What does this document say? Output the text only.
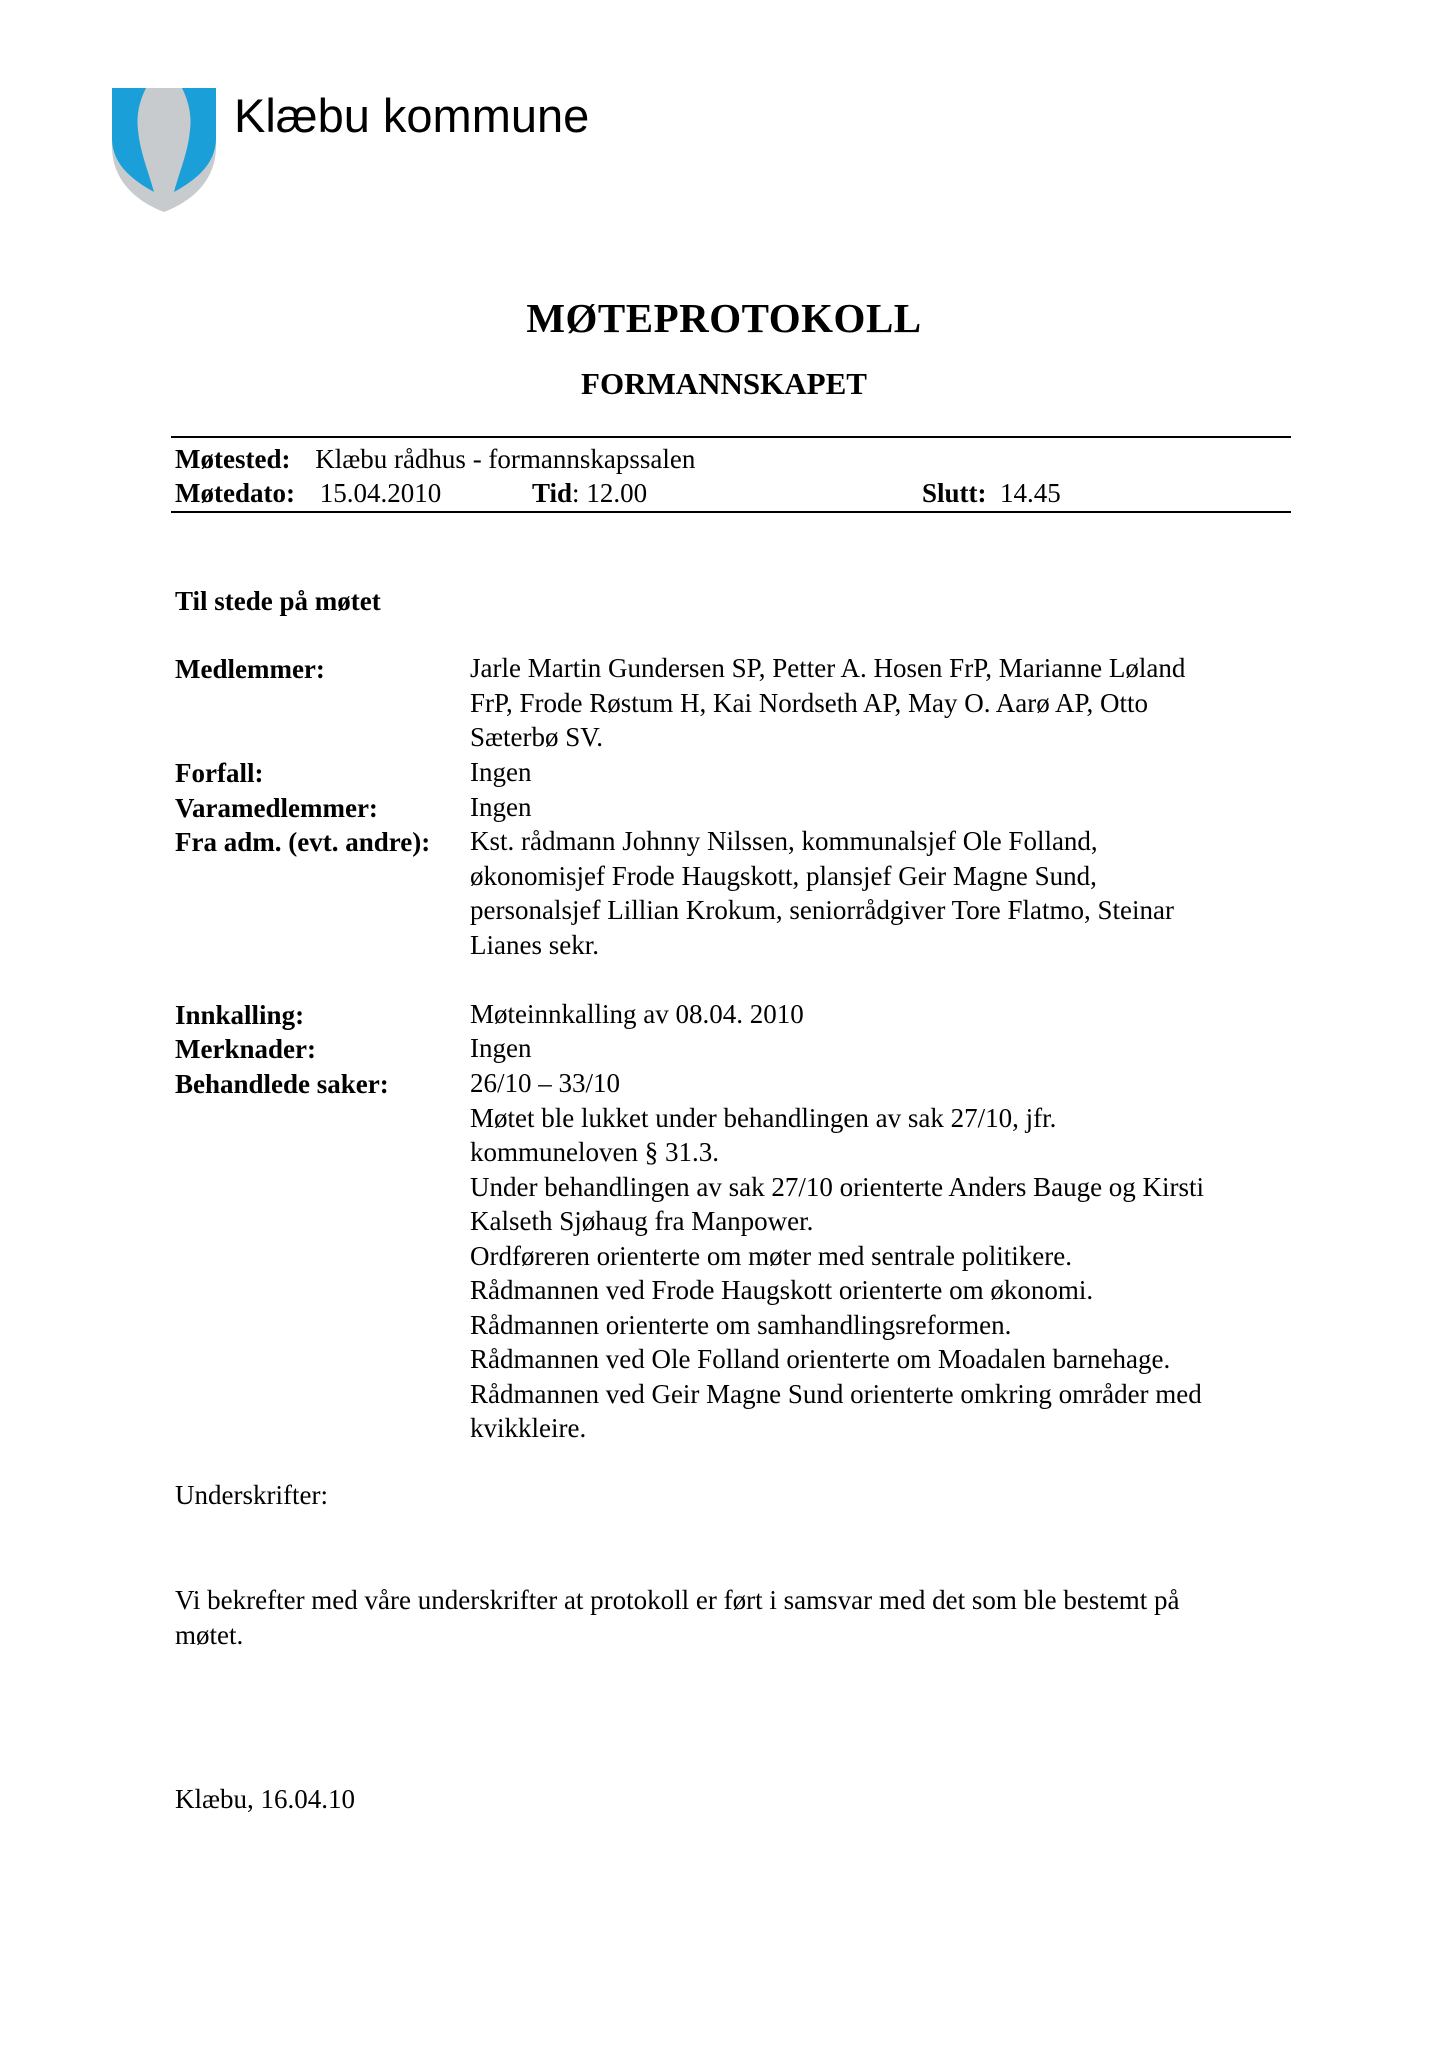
Klæbu kommune
MØTEPROTOKOLL
FORMANNSKAPET
Møtested: Klæbu rådhus - formannskapssalen
Møtedato: 15.04.2010	Tid: 12.00	Slutt: 14.45
Til stede på møtet
Medlemmer:	Jarle Martin Gundersen SP, Petter A. Hosen FrP, Marianne Løland
FrP, Frode Røstum H, Kai Nordseth AP, May O. Aarø AP, Otto
Sæterbø SV.
Forfall:	Ingen
Varamedlemmer:	Ingen
Fra adm. (evt. andre): Kst. rådmann Johnny Nilssen, kommunalsjef Ole Folland,
økonomisjef Frode Haugskott, plansjef Geir Magne Sund,
personalsjef Lillian Krokum, seniorrådgiver Tore Flatmo, Steinar
Lianes sekr.
Innkalling:	Møteinnkalling av 08.04. 2010
Merknader:	Ingen
Behandlede saker:	26/10 – 33/10
Møtet ble lukket under behandlingen av sak 27/10, jfr.
kommuneloven § 31.3.
Under behandlingen av sak 27/10 orienterte Anders Bauge og Kirsti
Kalseth Sjøhaug fra Manpower.
Ordføreren orienterte om møter med sentrale politikere.
Rådmannen ved Frode Haugskott orienterte om økonomi.
Rådmannen orienterte om samhandlingsreformen.
Rådmannen ved Ole Folland orienterte om Moadalen barnehage.
Rådmannen ved Geir Magne Sund orienterte omkring områder med
kvikkleire.
Underskrifter:
Vi bekrefter med våre underskrifter at protokoll er ført i samsvar med det som ble bestemt på
møtet.
Klæbu, 16.04.10
